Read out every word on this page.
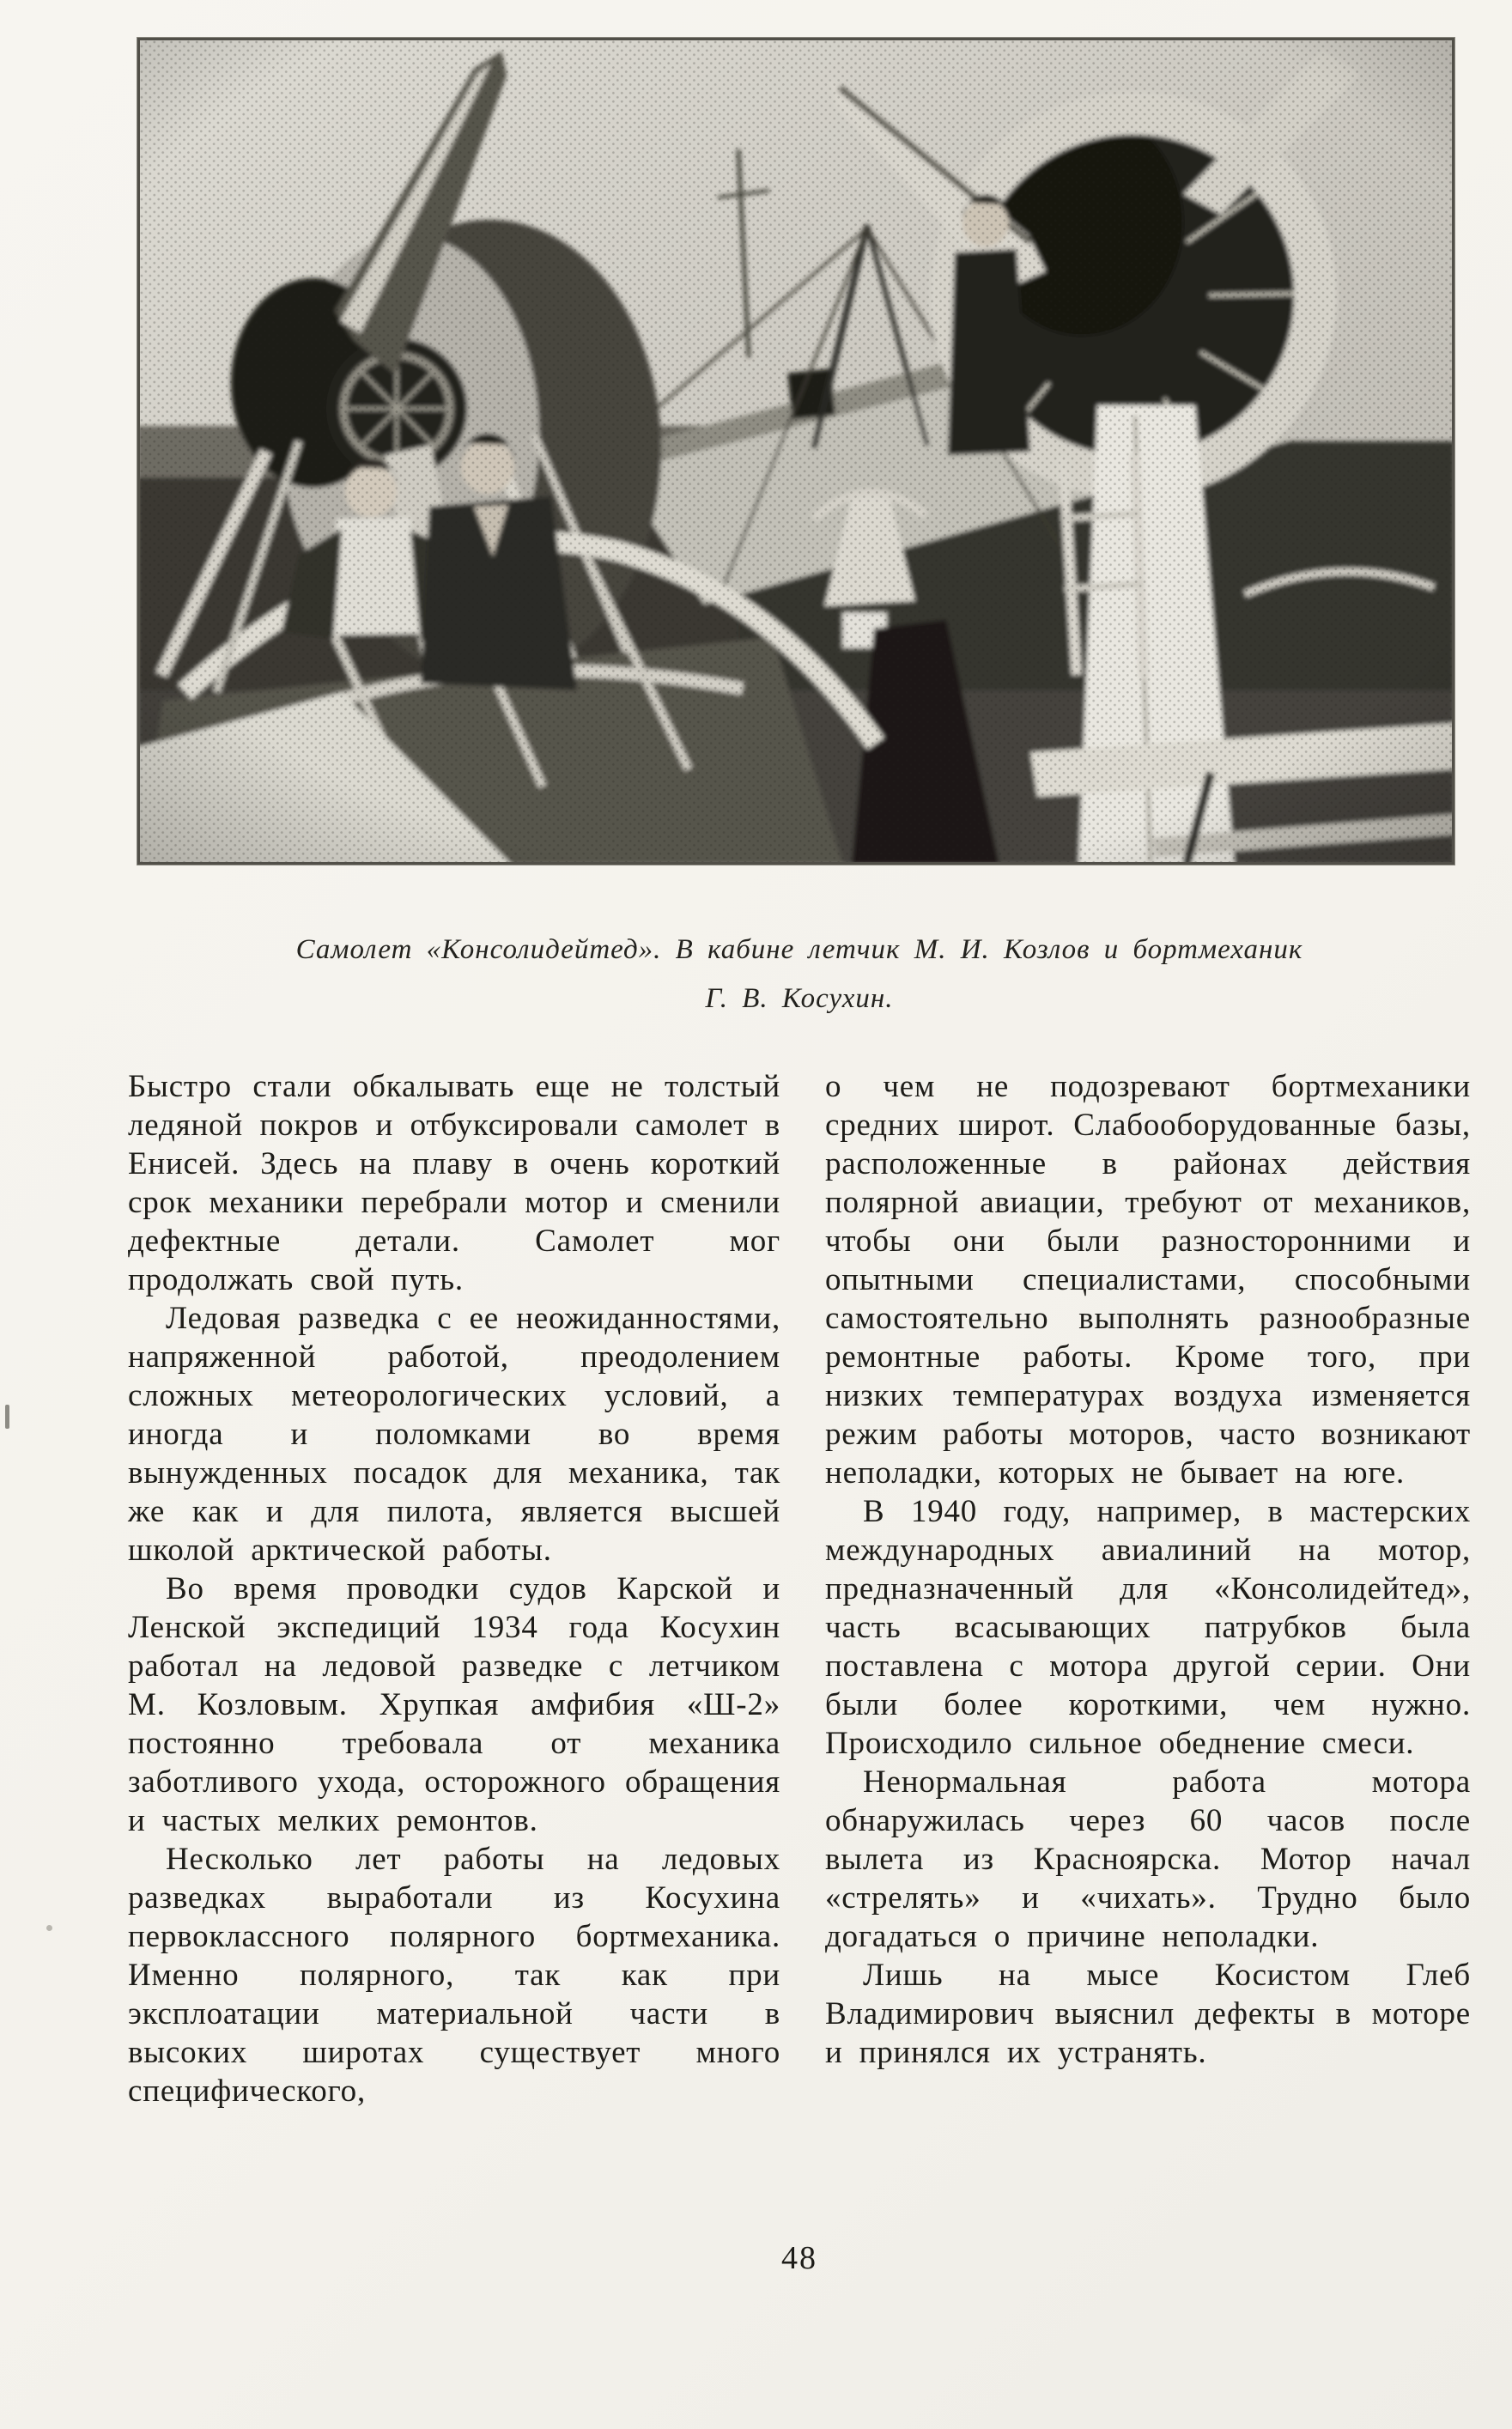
Самолет «Консолидейтед». В кабине летчик М. И. Козлов и бортмеханик
Г. В. Косухин.

Быстро стали обкалывать еще не толстый ледяной покров и отбуксировали самолет в Енисей. Здесь на плаву в очень короткий срок механики перебрали мотор и сменили дефектные детали. Самолет мог продолжать свой путь.

Ледовая разведка с ее неожиданностями, напряженной работой, преодолением сложных метеорологических условий, а иногда и поломками во время вынужденных посадок для механика, так же как и для пилота, является высшей школой арктической работы.

Во время проводки судов Карской и Ленской экспедиций 1934 года Косухин работал на ледовой разведке с летчиком М. Козловым. Хрупкая амфибия «Ш-2» постоянно требовала от механика заботливого ухода, осторожного обращения и частых мелких ремонтов.

Несколько лет работы на ледовых разведках выработали из Косухина первоклассного полярного бортмеханика. Именно полярного, так как при эксплоатации материальной части в высоких широтах существует много специфического,

о чем не подозревают бортмеханики средних широт. Слабооборудованные базы, расположенные в районах действия полярной авиации, требуют от механиков, чтобы они были разносторонними и опытными специалистами, способными самостоятельно выполнять разнообразные ремонтные работы. Кроме того, при низких температурах воздуха изменяется режим работы моторов, часто возникают неполадки, которых не бывает на юге.

В 1940 году, например, в мастерских международных авиалиний на мотор, предназначенный для «Консолидейтед», часть всасывающих патрубков была поставлена с мотора другой серии. Они были более короткими, чем нужно. Происходило сильное обеднение смеси.

Ненормальная работа мотора обнаружилась через 60 часов после вылета из Красноярска. Мотор начал «стрелять» и «чихать». Трудно было догадаться о причине неполадки.

Лишь на мысе Косистом Глеб Владимирович выяснил дефекты в моторе и принялся их устранять.

48
